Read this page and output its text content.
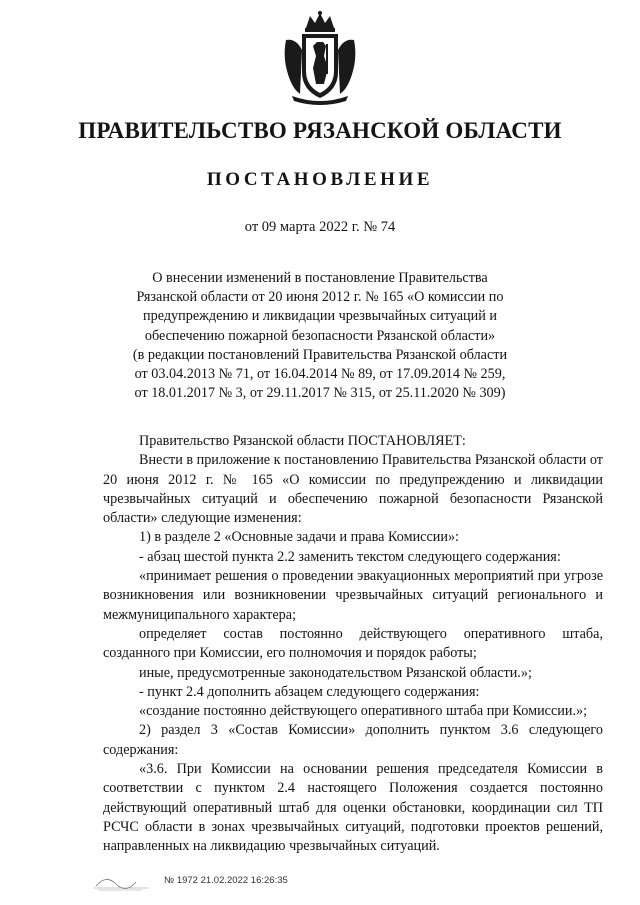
ПРАВИТЕЛЬСТВО РЯЗАНСКОЙ ОБЛАСТИ
ПОСТАНОВЛЕНИЕ
от 09 марта 2022 г. № 74
О внесении изменений в постановление Правительства
Рязанской области от 20 июня 2012 г. № 165 «О комиссии по
предупреждению и ликвидации чрезвычайных ситуаций и
обеспечению пожарной безопасности Рязанской области»
(в редакции постановлений Правительства Рязанской области
от 03.04.2013 № 71, от 16.04.2014 № 89, от 17.09.2014 № 259,
от 18.01.2017 № 3, от 29.11.2017 № 315, от 25.11.2020 № 309)

Правительство Рязанской области ПОСТАНОВЛЯЕТ:

Внести в приложение к постановлению Правительства Рязанской области от 20 июня 2012 г. № 165 «О комиссии по предупреждению и ликвидации чрезвычайных ситуаций и обеспечению пожарной безопасности Рязанской области» следующие изменения:

1) в разделе 2 «Основные задачи и права Комиссии»:

- абзац шестой пункта 2.2 заменить текстом следующего содержания:

«принимает решения о проведении эвакуационных мероприятий при угрозе возникновения или возникновении чрезвычайных ситуаций регионального и межмуниципального характера;

определяет состав постоянно действующего оперативного штаба, созданного при Комиссии, его полномочия и порядок работы;

иные, предусмотренные законодательством Рязанской области.»;

- пункт 2.4 дополнить абзацем следующего содержания:

«создание постоянно действующего оперативного штаба при Комиссии.»;

2) раздел 3 «Состав Комиссии» дополнить пунктом 3.6 следующего содержания:

«3.6. При Комиссии на основании решения председателя Комиссии в соответствии с пунктом 2.4 настоящего Положения создается постоянно действующий оперативный штаб для оценки обстановки, координации сил ТП РСЧС области в зонах чрезвычайных ситуаций, подготовки проектов решений, направленных на ликвидацию чрезвычайных ситуаций.

№ 1972 21.02.2022 16:26:35
